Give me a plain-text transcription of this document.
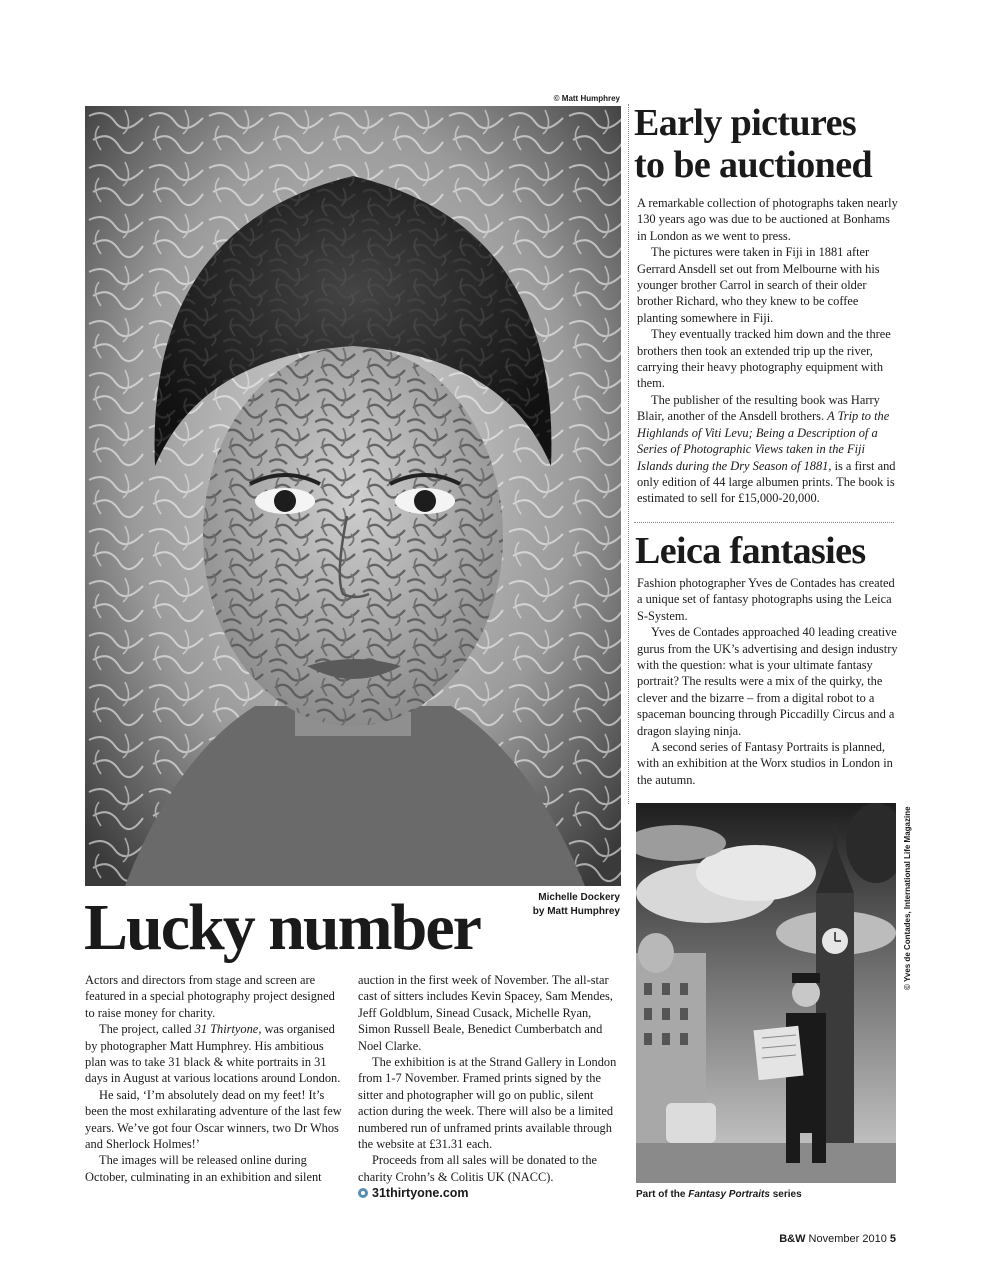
© Matt Humphrey
Michelle Dockery
by Matt Humphrey
Lucky number

Actors and directors from stage and screen are featured in a special photography project designed to raise money for charity.

The project, called 31 Thirtyone, was organised by photographer Matt Humphrey. His ambitious plan was to take 31 black & white portraits in 31 days in August at various locations around London.

He said, ‘I’m absolutely dead on my feet! It’s been the most exhilarating adventure of the last few years. We’ve got four Oscar winners, two Dr Whos and Sherlock Holmes!’

The images will be released online during October, culminating in an exhibition and silent

auction in the first week of November. The all-star cast of sitters includes Kevin Spacey, Sam Mendes, Jeff Goldblum, Sinead Cusack, Michelle Ryan, Simon Russell Beale, Benedict Cumberbatch and Noel Clarke.

The exhibition is at the Strand Gallery in London from 1-7 November. Framed prints signed by the sitter and photographer will go on public, silent action during the week. There will also be a limited numbered run of unframed prints available through the website at £31.31 each.

Proceeds from all sales will be donated to the charity Crohn’s & Colitis UK (NACC).

31thirtyone.com
Early pictures
to be auctioned

A remarkable collection of photographs taken nearly 130 years ago was due to be auctioned at Bonhams in London as we went to press.

The pictures were taken in Fiji in 1881 after Gerrard Ansdell set out from Melbourne with his younger brother Carrol in search of their older brother Richard, who they knew to be coffee planting somewhere in Fiji.

They eventually tracked him down and the three brothers then took an extended trip up the river, carrying their heavy photography equipment with them.

The publisher of the resulting book was Harry Blair, another of the Ansdell brothers. A Trip to the Highlands of Viti Levu; Being a Description of a Series of Photographic Views taken in the Fiji Islands during the Dry Season of 1881, is a first and only edition of 44 large albumen prints. The book is estimated to sell for £15,000-20,000.

Leica fantasies

Fashion photographer Yves de Contades has created a unique set of fantasy photographs using the Leica S-System.

Yves de Contades approached 40 leading creative gurus from the UK’s advertising and design industry with the question: what is your ultimate fantasy portrait? The results were a mix of the quirky, the clever and the bizarre – from a digital robot to a spaceman bouncing through Piccadilly Circus and a dragon slaying ninja.

A second series of Fantasy Portraits is planned, with an exhibition at the Worx studios in London in the autumn.

© Yves de Contades, International Life Magazine
Part of the Fantasy Portraits series
B&W November 2010 5
